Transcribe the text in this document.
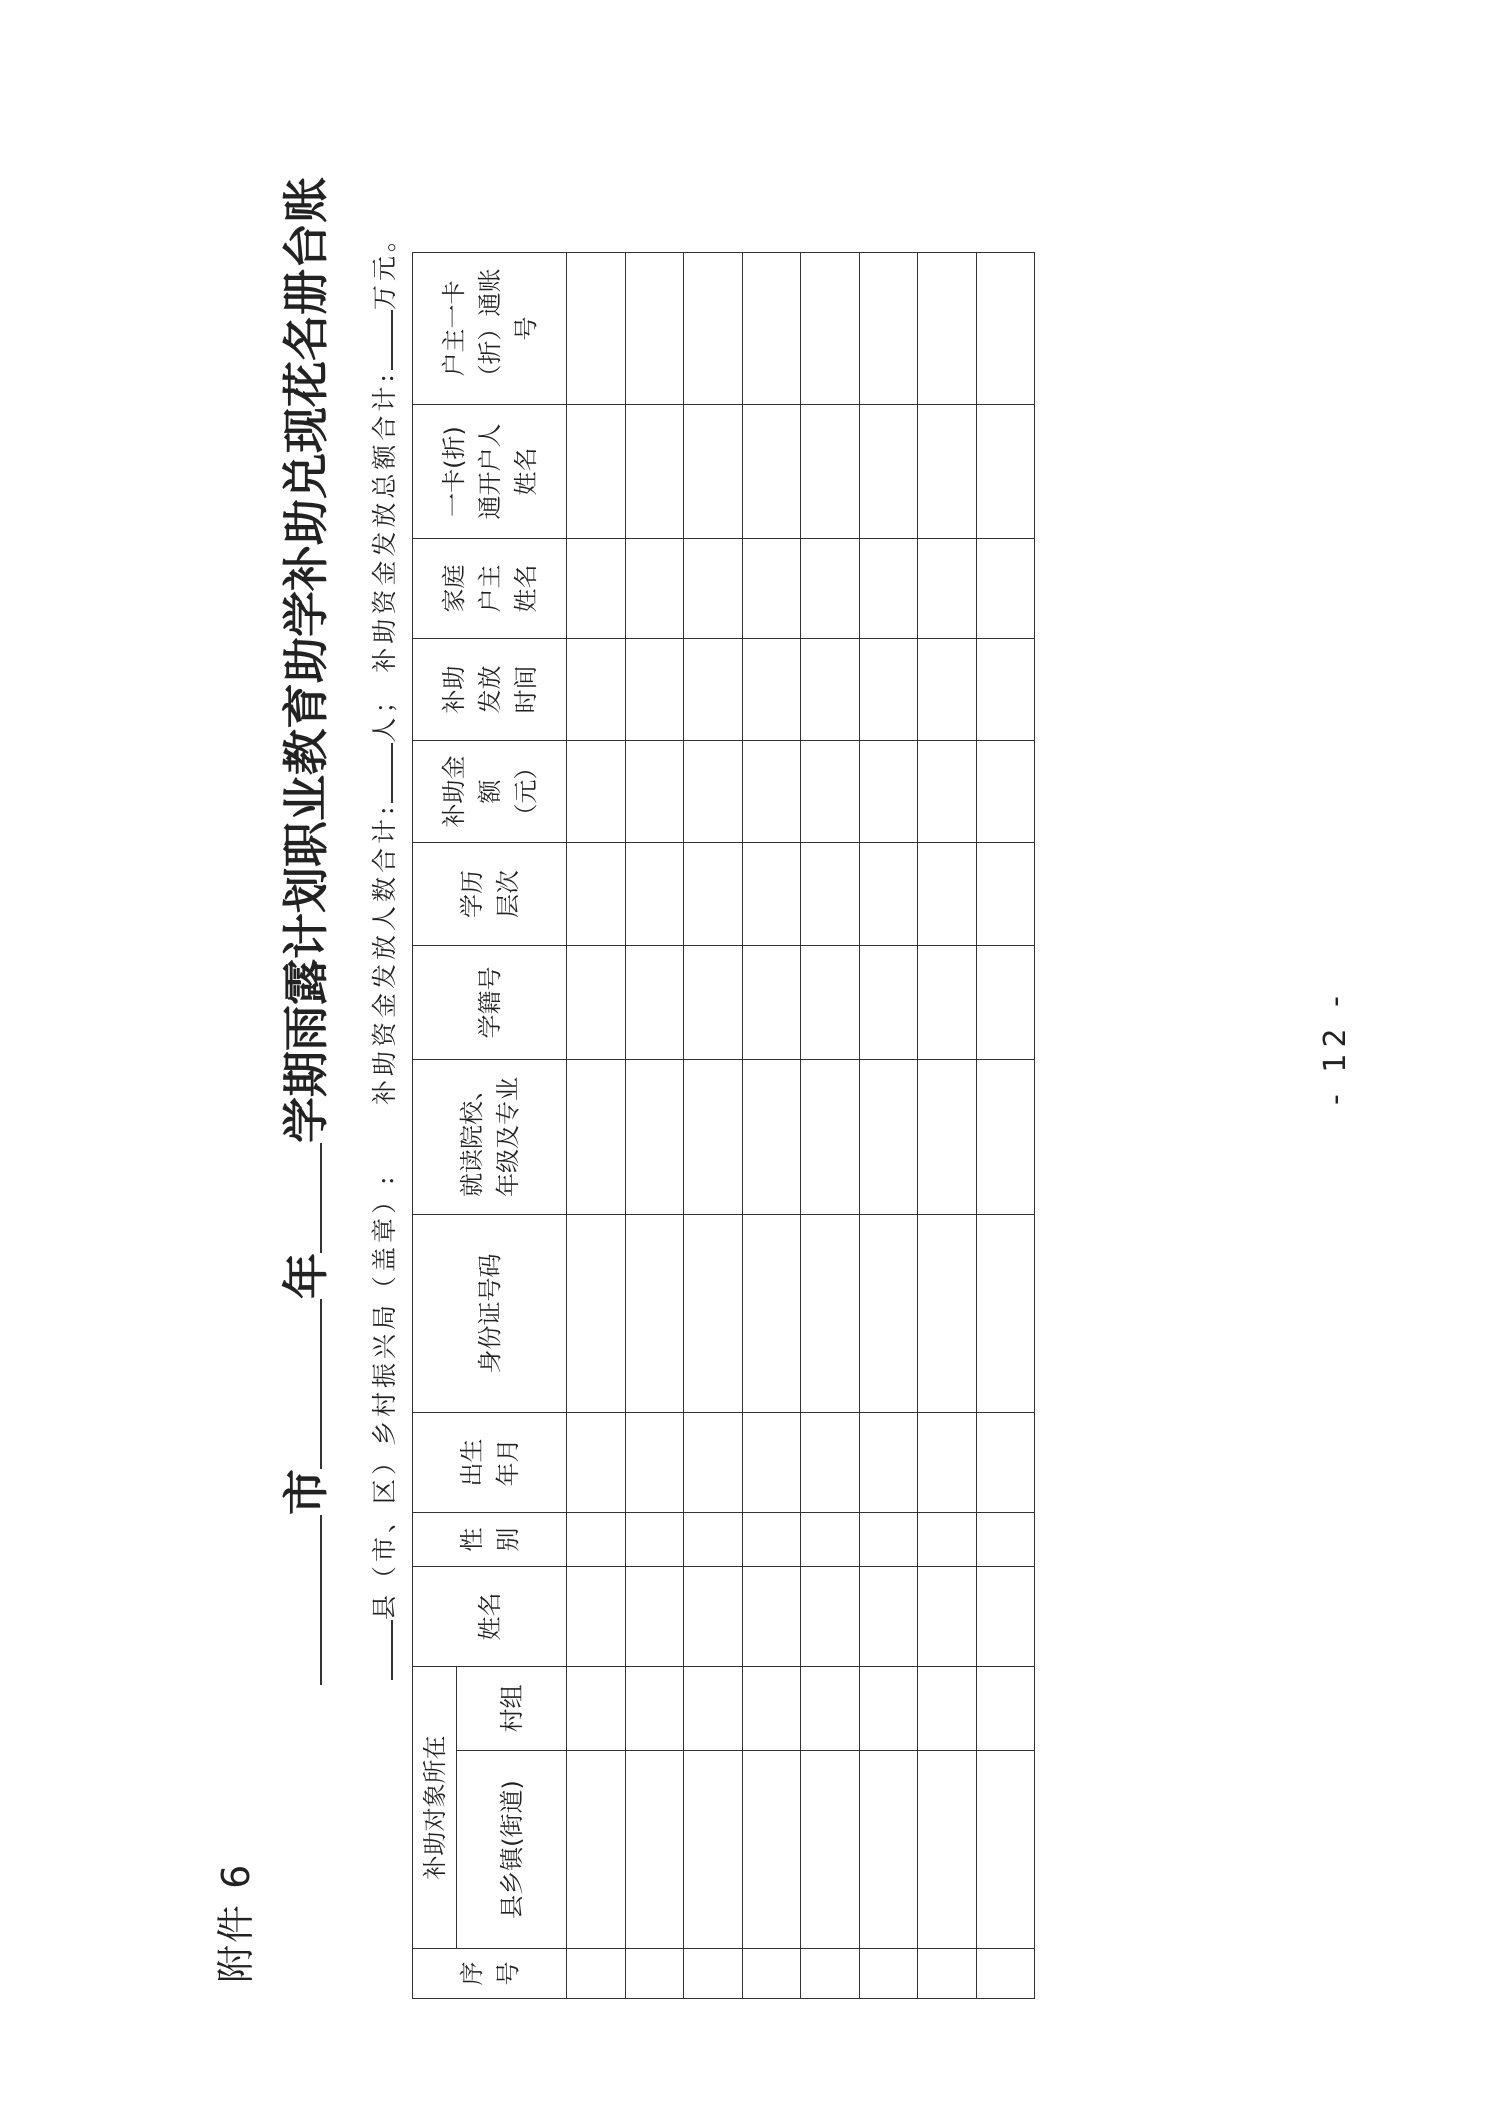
附件 6
市年学期雨露计划职业教育助学补助兑现花名册台账
县（市、区）乡村振兴局（盖章）:
补助资金发放人数合计:人； 补助资金发放总额合计:万元。
序 号	补助对象所在		姓名	性 别	出生 年月	身份证号码	就读院校、 年级及专业	学籍号	学历 层次	补助金 额 （元）	补助 发放 时间	家庭 户主 姓名	一卡(折) 通开户人 姓名	户主一卡 （折）通账 号

	县乡镇(街道)	村组												

- 12 -
